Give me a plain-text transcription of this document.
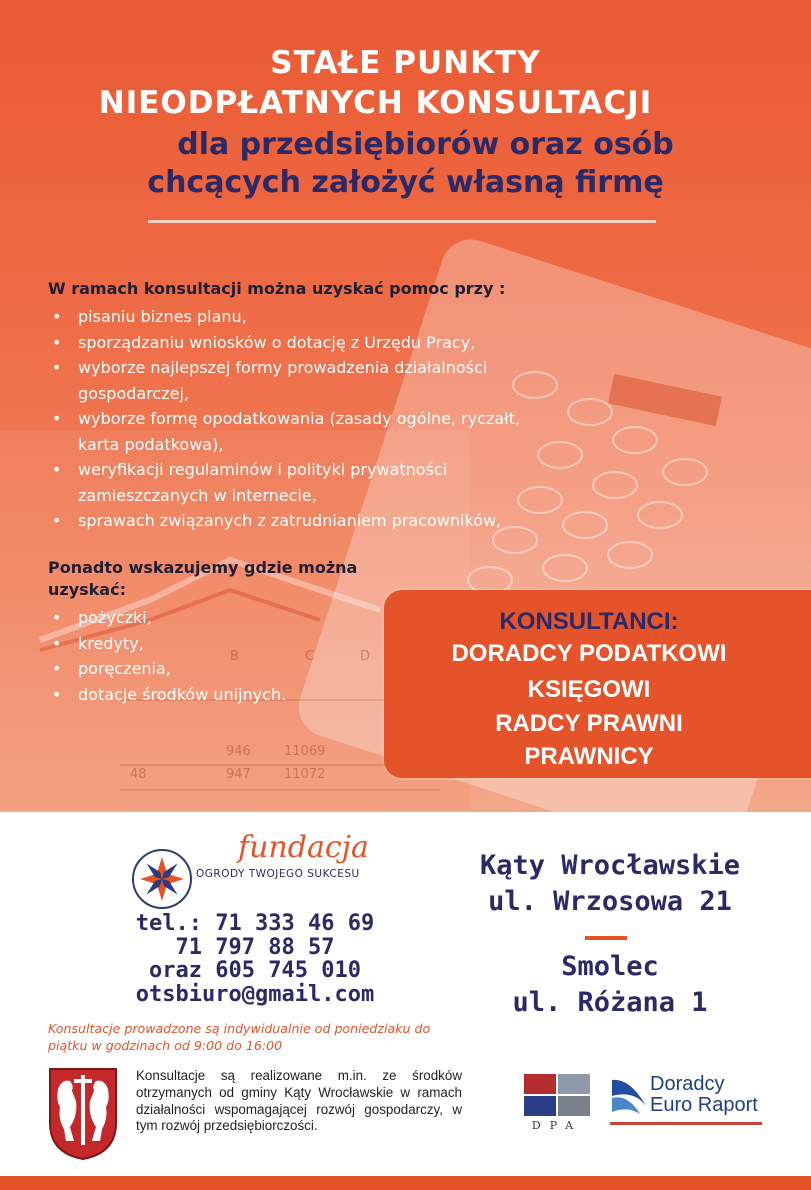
946	11069
947	11072
48
B	C	D
STAŁE PUNKTY
NIEODPŁATNYCH KONSULTACJI
dla przedsiębiorów oraz osób
chcących założyć własną firmę
W ramach konsultacji można uzyskać pomoc przy :
• pisaniu biznes planu,
• sporządzaniu wniosków o dotację z Urzędu Pracy,
• wyborze najlepszej formy prowadzenia działalności gospodarczej,
• wyborze formę opodatkowania (zasady ogólne, ryczałt, karta podatkowa),
• weryfikacji regulaminów i polityki prywatności zamieszczanych w internecie,
• sprawach związanych z zatrudnianiem pracowników,
Ponadto wskazujemy gdzie można uzyskać:
• pożyczki,
• kredyty,
• poręczenia,
• dotacje środków unijnych.
KONSULTANCI:
DORADCY PODATKOWI
KSIĘGOWI
RADCY PRAWNI
PRAWNICY
fundacja
OGRODY TWOJEGO SUKCESU
tel.: 71 333 46 69
71 797 88 57
oraz 605 745 010
otsbiuro@gmail.com
Kąty Wrocławskie
ul. Wrzosowa 21
Smolec
ul. Różana 1
Konsultacje prowadzone są indywidualnie od poniedziaku do piątku w godzinach od 9:00 do 16:00
Konsultacje są realizowane m.in. ze środków otrzymanych od gminy Kąty Wrocławskie w ramach działalności wspomagającej rozwój gospodarczy, w tym rozwój przedsiębiorczości.	DPA
Doradcy
Euro Raport
